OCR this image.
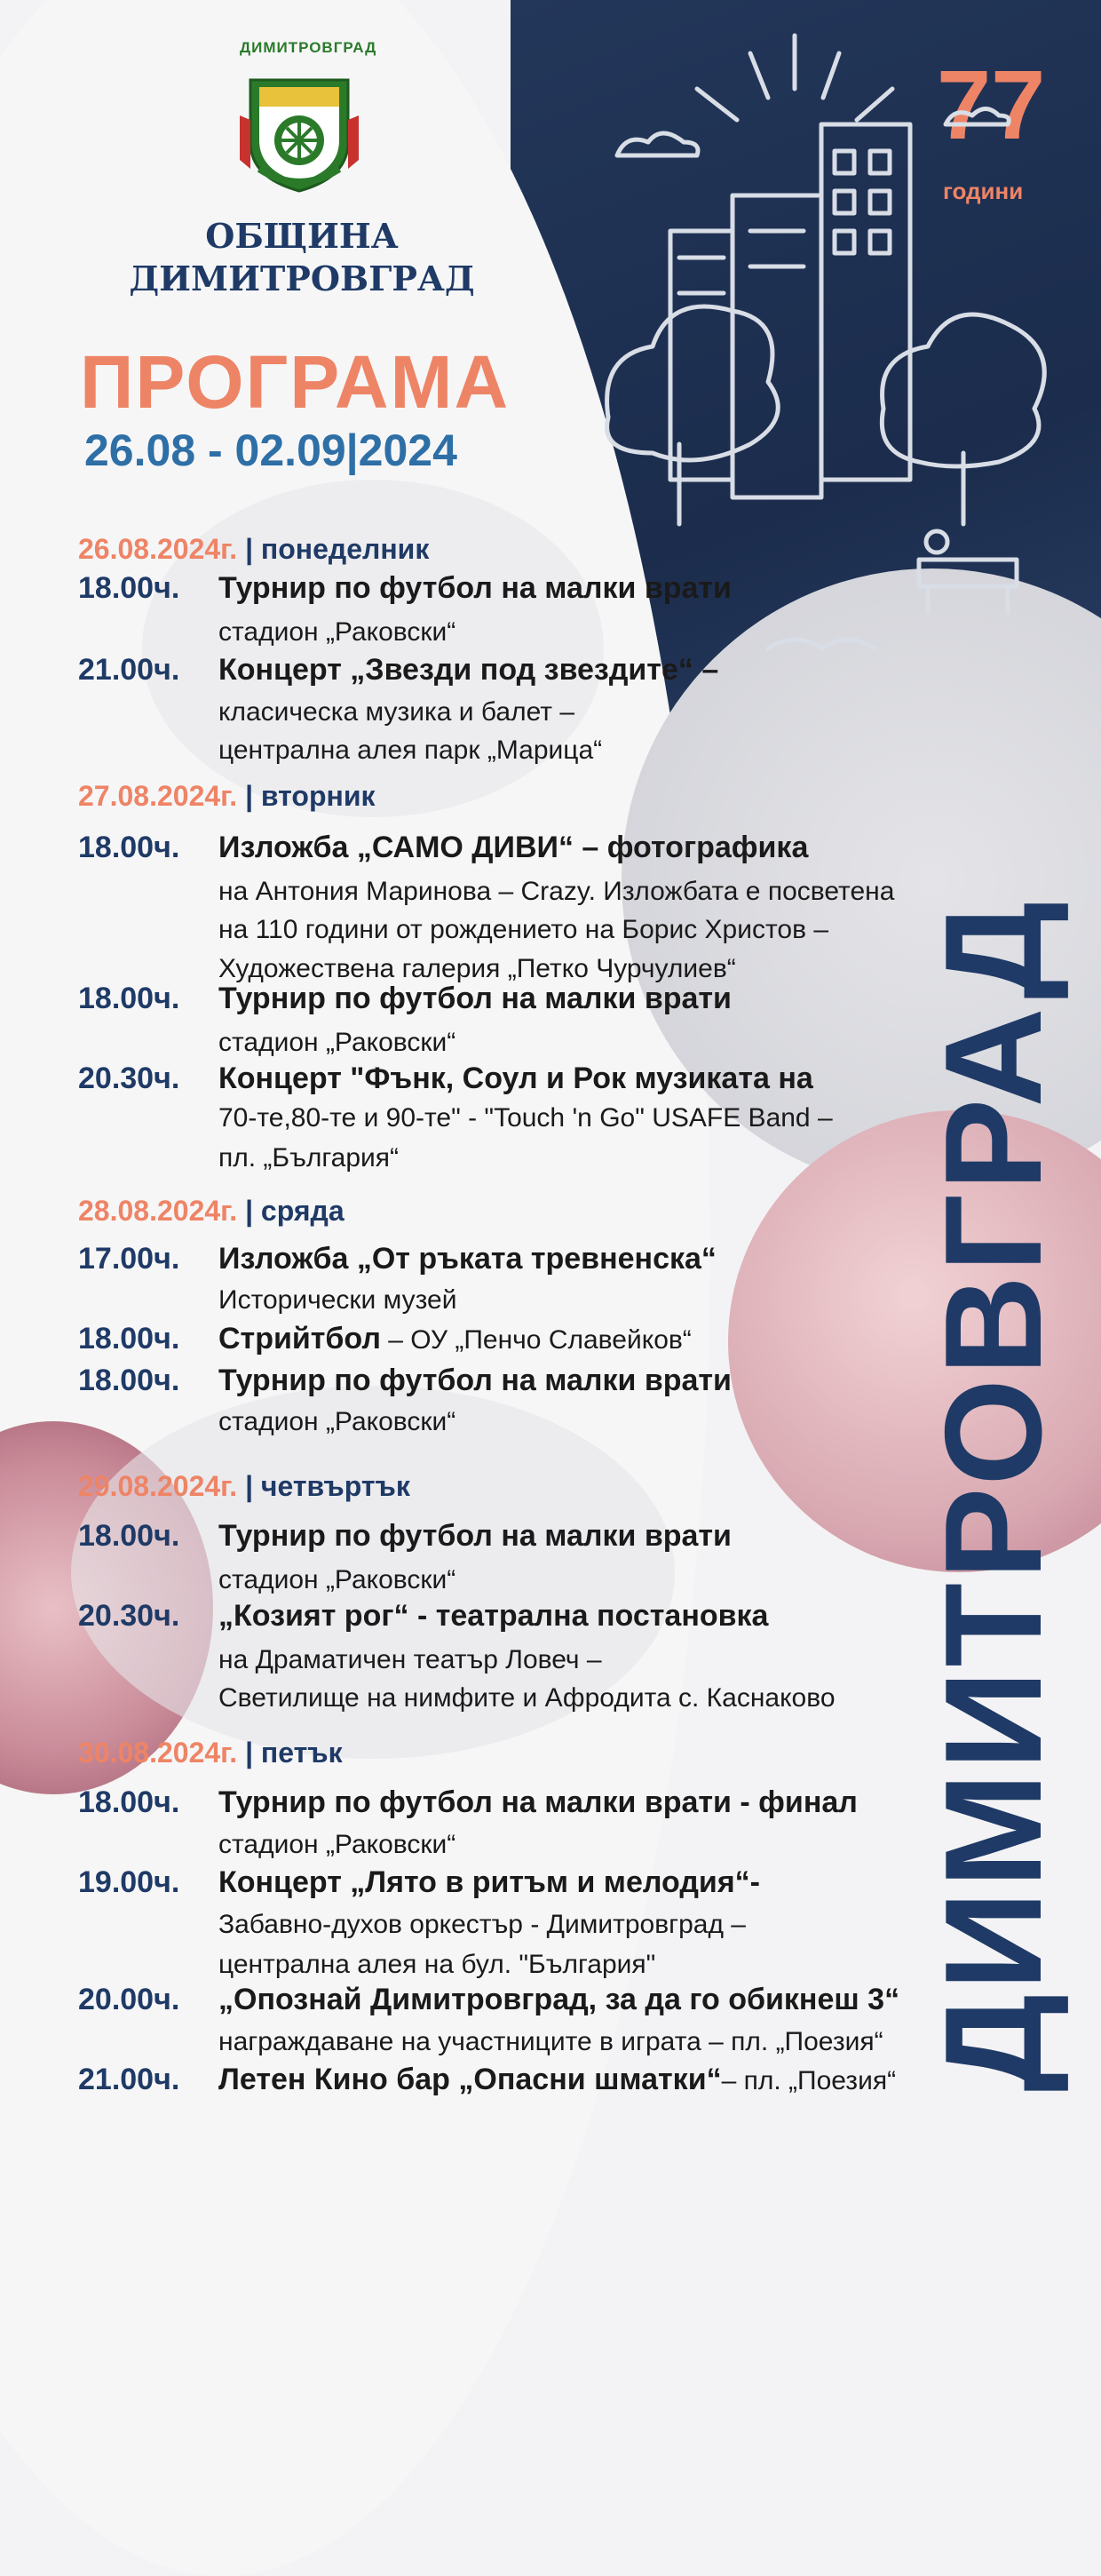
ДИМИТРОВГРАД
ОБЩИНА
ДИМИТРОВГРАД
ПРОГРАМА
26.08 - 02.09|2024
77
години
ДИМИТРОВГРАД
26.08.2024г. | понеделник
18.00ч. Турнир по футбол на малки врати
стадион „Раковски“
21.00ч. Концерт „Звезди под звездите“ –
класическа музика и балет –
централна алея парк „Марица“
27.08.2024г. | вторник
18.00ч. Изложба „САМО ДИВИ“ – фотографика
на Антония Маринова – Crazy. Изложбата е посветена
на 110 години от рождението на Борис Христов –
Художествена галерия „Петко Чурчулиев“
18.00ч. Турнир по футбол на малки врати
стадион „Раковски“
20.30ч. Концерт "Фънк, Соул и Рок музиката на
70-те,80-те и 90-те" - "Touch 'n Go" USAFE Band –
пл. „България“
28.08.2024г. | сряда
17.00ч. Изложба „От ръката тревненска“
Исторически музей
18.00ч. Стрийтбол – ОУ „Пенчо Славейков“
18.00ч. Турнир по футбол на малки врати
стадион „Раковски“
29.08.2024г. | четвъртък
18.00ч. Турнир по футбол на малки врати
стадион „Раковски“
20.30ч. „Козият рог“ - театрална постановка
на Драматичен театър Ловеч –
Светилище на нимфите и Афродита с. Каснаково
30.08.2024г. | петък
18.00ч. Турнир по футбол на малки врати - финал
стадион „Раковски“
19.00ч. Концерт „Лято в ритъм и мелодия“-
Забавно-духов оркестър - Димитровград –
централна алея на бул. "България"
20.00ч. „Опознай Димитровград, за да го обикнеш 3“
награждаване на участниците в играта – пл. „Поезия“
21.00ч. Летен Кино бар „Опасни шматки“– пл. „Поезия“
